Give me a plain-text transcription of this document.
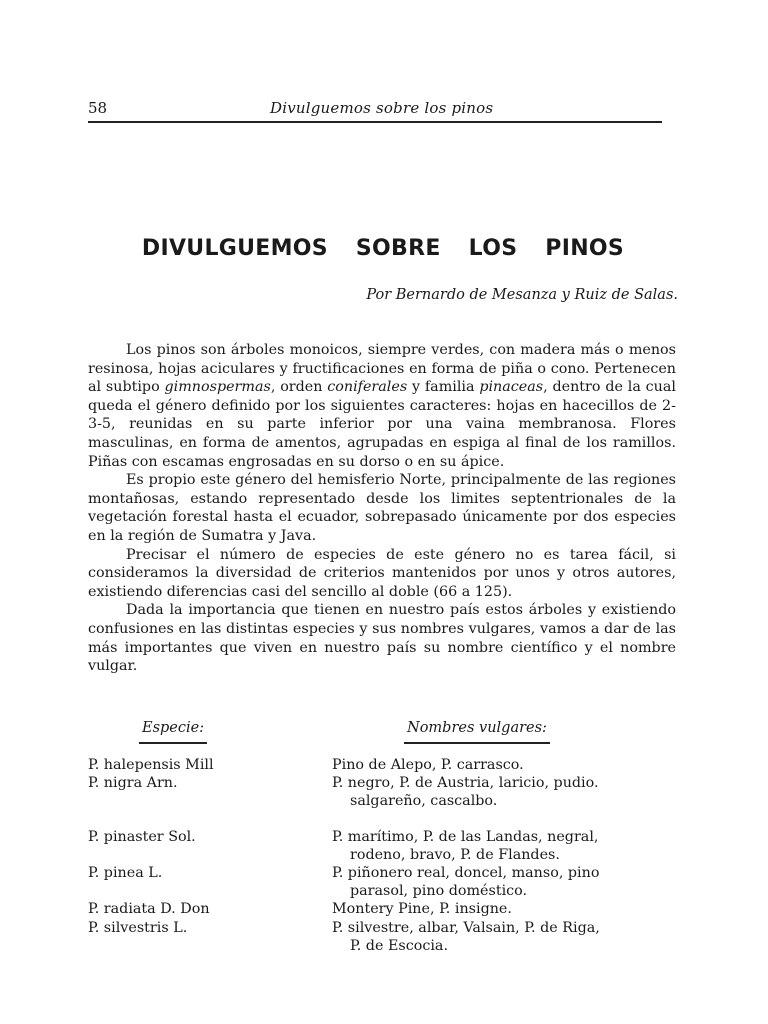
58	Divulguemos sobre los pinos
DIVULGUEMOS SOBRE LOS PINOS
Por Bernardo de Mesanza y Ruiz de Salas.

Los pinos son árboles monoicos, siempre verdes, con madera más o menos resinosa, hojas aciculares y fructificaciones en forma de piña o cono. Pertenecen al subtipo gimnospermas, orden coniferales y familia pinaceas, dentro de la cual queda el género definido por los siguientes caracteres: hojas en hacecillos de 2-3-5, reunidas en su parte inferior por una vaina membranosa. Flores masculinas, en forma de amentos, agrupadas en espiga al final de los ramillos. Piñas con escamas engrosadas en su dorso o en su ápice.

Es propio este género del hemisferio Norte, principalmente de las regiones montañosas, estando representado desde los limites septentrionales de la vegetación forestal hasta el ecuador, sobrepasado únicamente por dos especies en la región de Sumatra y Java.

Precisar el número de especies de este género no es tarea fácil, si consideramos la diversidad de criterios mantenidos por unos y otros autores, existiendo diferencias casi del sencillo al doble (66 a 125).

Dada la importancia que tienen en nuestro país estos árboles y existiendo confusiones en las distintas especies y sus nombres vulgares, vamos a dar de las más importantes que viven en nuestro país su nombre científico y el nombre vulgar.

Especie:	Nombres vulgares:
P. halepensis Mill	Pino de Alepo, P. carrasco.
P. nigra Arn.	P. negro, P. de Austria, laricio, pudio.
salgareño, cascalbo.
P. pinaster Sol.	P. marítimo, P. de las Landas, negral,
rodeno, bravo, P. de Flandes.
P. pinea L.	P. piñonero real, doncel, manso, pino
parasol, pino doméstico.
P. radiata D. Don	Montery Pine, P. insigne.
P. silvestris L.	P. silvestre, albar, Valsain, P. de Riga,
P. de Escocia.
